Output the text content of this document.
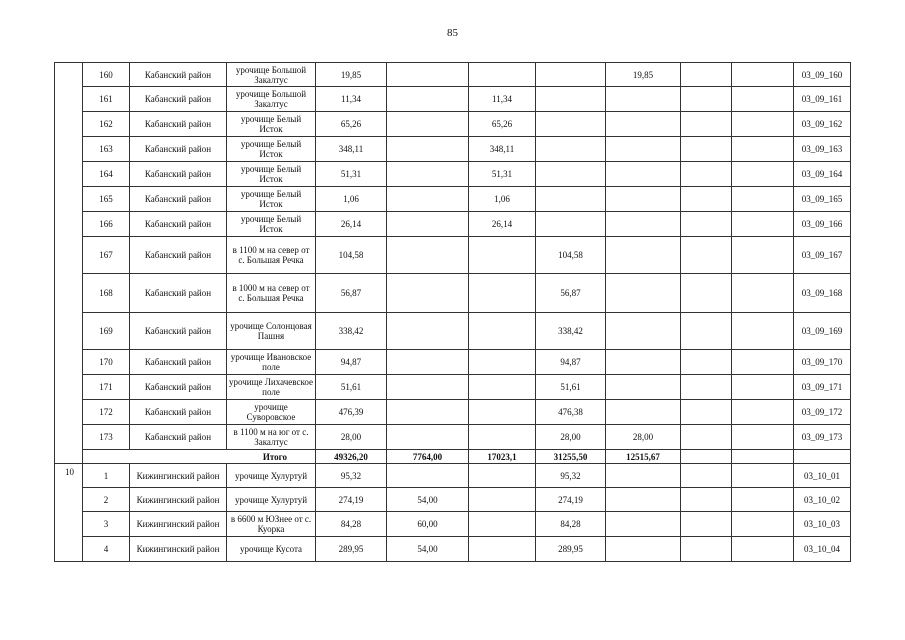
85
	160	Кабанский район	урочище Большой Закалтус	19,85				19,85			03_09_160
	161	Кабанский район	урочище Большой Закалтус	11,34		11,34					03_09_161
	162	Кабанский район	урочище Белый Исток	65,26		65,26					03_09_162
	163	Кабанский район	урочище Белый Исток	348,11		348,11					03_09_163
	164	Кабанский район	урочище Белый Исток	51,31		51,31					03_09_164
	165	Кабанский район	урочище Белый Исток	1,06		1,06					03_09_165
	166	Кабанский район	урочище Белый Исток	26,14		26,14					03_09_166
	167	Кабанский район	в 1100 м на север от с. Большая Речка	104,58			104,58				03_09_167
	168	Кабанский район	в 1000 м на север от с. Большая Речка	56,87			56,87				03_09_168
	169	Кабанский район	урочище Солонцовая Пашня	338,42			338,42				03_09_169
	170	Кабанский район	урочище Ивановское поле	94,87			94,87				03_09_170
	171	Кабанский район	урочище Лихачевское поле	51,61			51,61				03_09_171
	172	Кабанский район	урочище Суворовское	476,39			476,38				03_09_172
	173	Кабанский район	в 1100 м на юг от с. Закалтус	28,00			28,00	28,00			03_09_173
	Итого			49326,20	7764,00	17023,1	31255,50	12515,67			
10	1	Кижингинский район	урочище Хулуртуй	95,32			95,32				03_10_01
	2	Кижингинский район	урочище Хулуртуй	274,19	54,00		274,19				03_10_02
	3	Кижингинский район	в 6600 м ЮЗнее от с. Куорка	84,28	60,00		84,28				03_10_03
	4	Кижингинский район	урочище Кусота	289,95	54,00		289,95				03_10_04
